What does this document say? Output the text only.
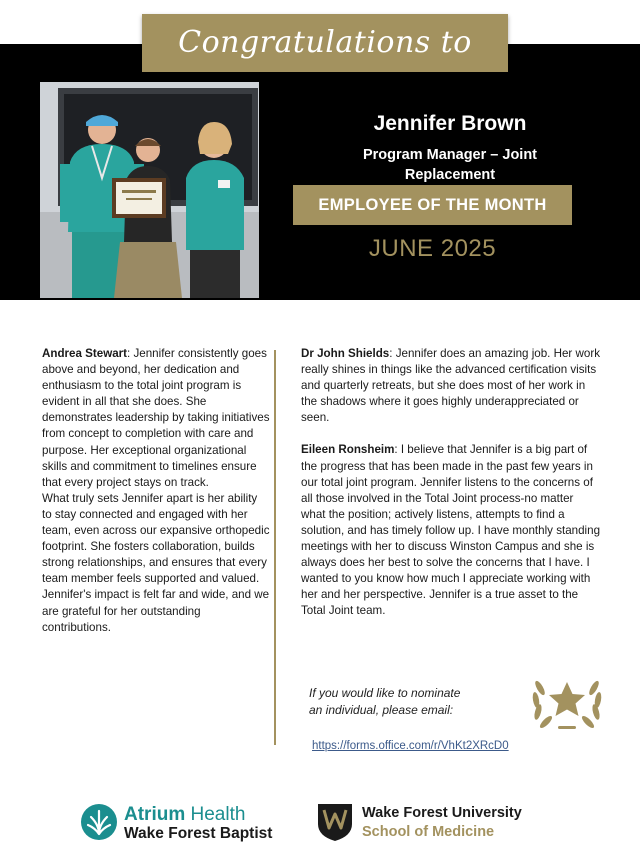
Congratulations to
Jennifer Brown
Program Manager – Joint
Replacement
EMPLOYEE OF THE MONTH
JUNE 2025
Andrea Stewart: Jennifer consistently goes above and beyond, her dedication and enthusiasm to the total joint program is evident in all that she does. She demonstrates leadership by taking initiatives from concept to completion with care and purpose. Her exceptional organizational skills and commitment to timelines ensure that every project stays on track.
What truly sets Jennifer apart is her ability to stay connected and engaged with her team, even across our expansive orthopedic footprint. She fosters collaboration, builds strong relationships, and ensures that every team member feels supported and valued. Jennifer's impact is felt far and wide, and we are grateful for her outstanding contributions.
Dr John Shields: Jennifer does an amazing job. Her work really shines in things like the advanced certification visits and quarterly retreats, but she does most of her work in the shadows where it goes highly underappreciated or seen.
Eileen Ronsheim: I believe that Jennifer is a big part of the progress that has been made in the past few years in our total joint program. Jennifer listens to the concerns of all those involved in the Total Joint process-no matter what the position; actively listens, attempts to find a solution, and has timely follow up. I have monthly standing meetings with her to discuss Winston Campus and she is always does her best to solve the concerns that I have. I wanted to you know how much I appreciate working with her and her perspective. Jennifer is a true asset to the Total Joint team.
If you would like to nominate
an individual, please email:
https://forms.office.com/r/VhKt2XRcD0
Atrium Health
Wake Forest Baptist
Wake Forest University
School of Medicine
